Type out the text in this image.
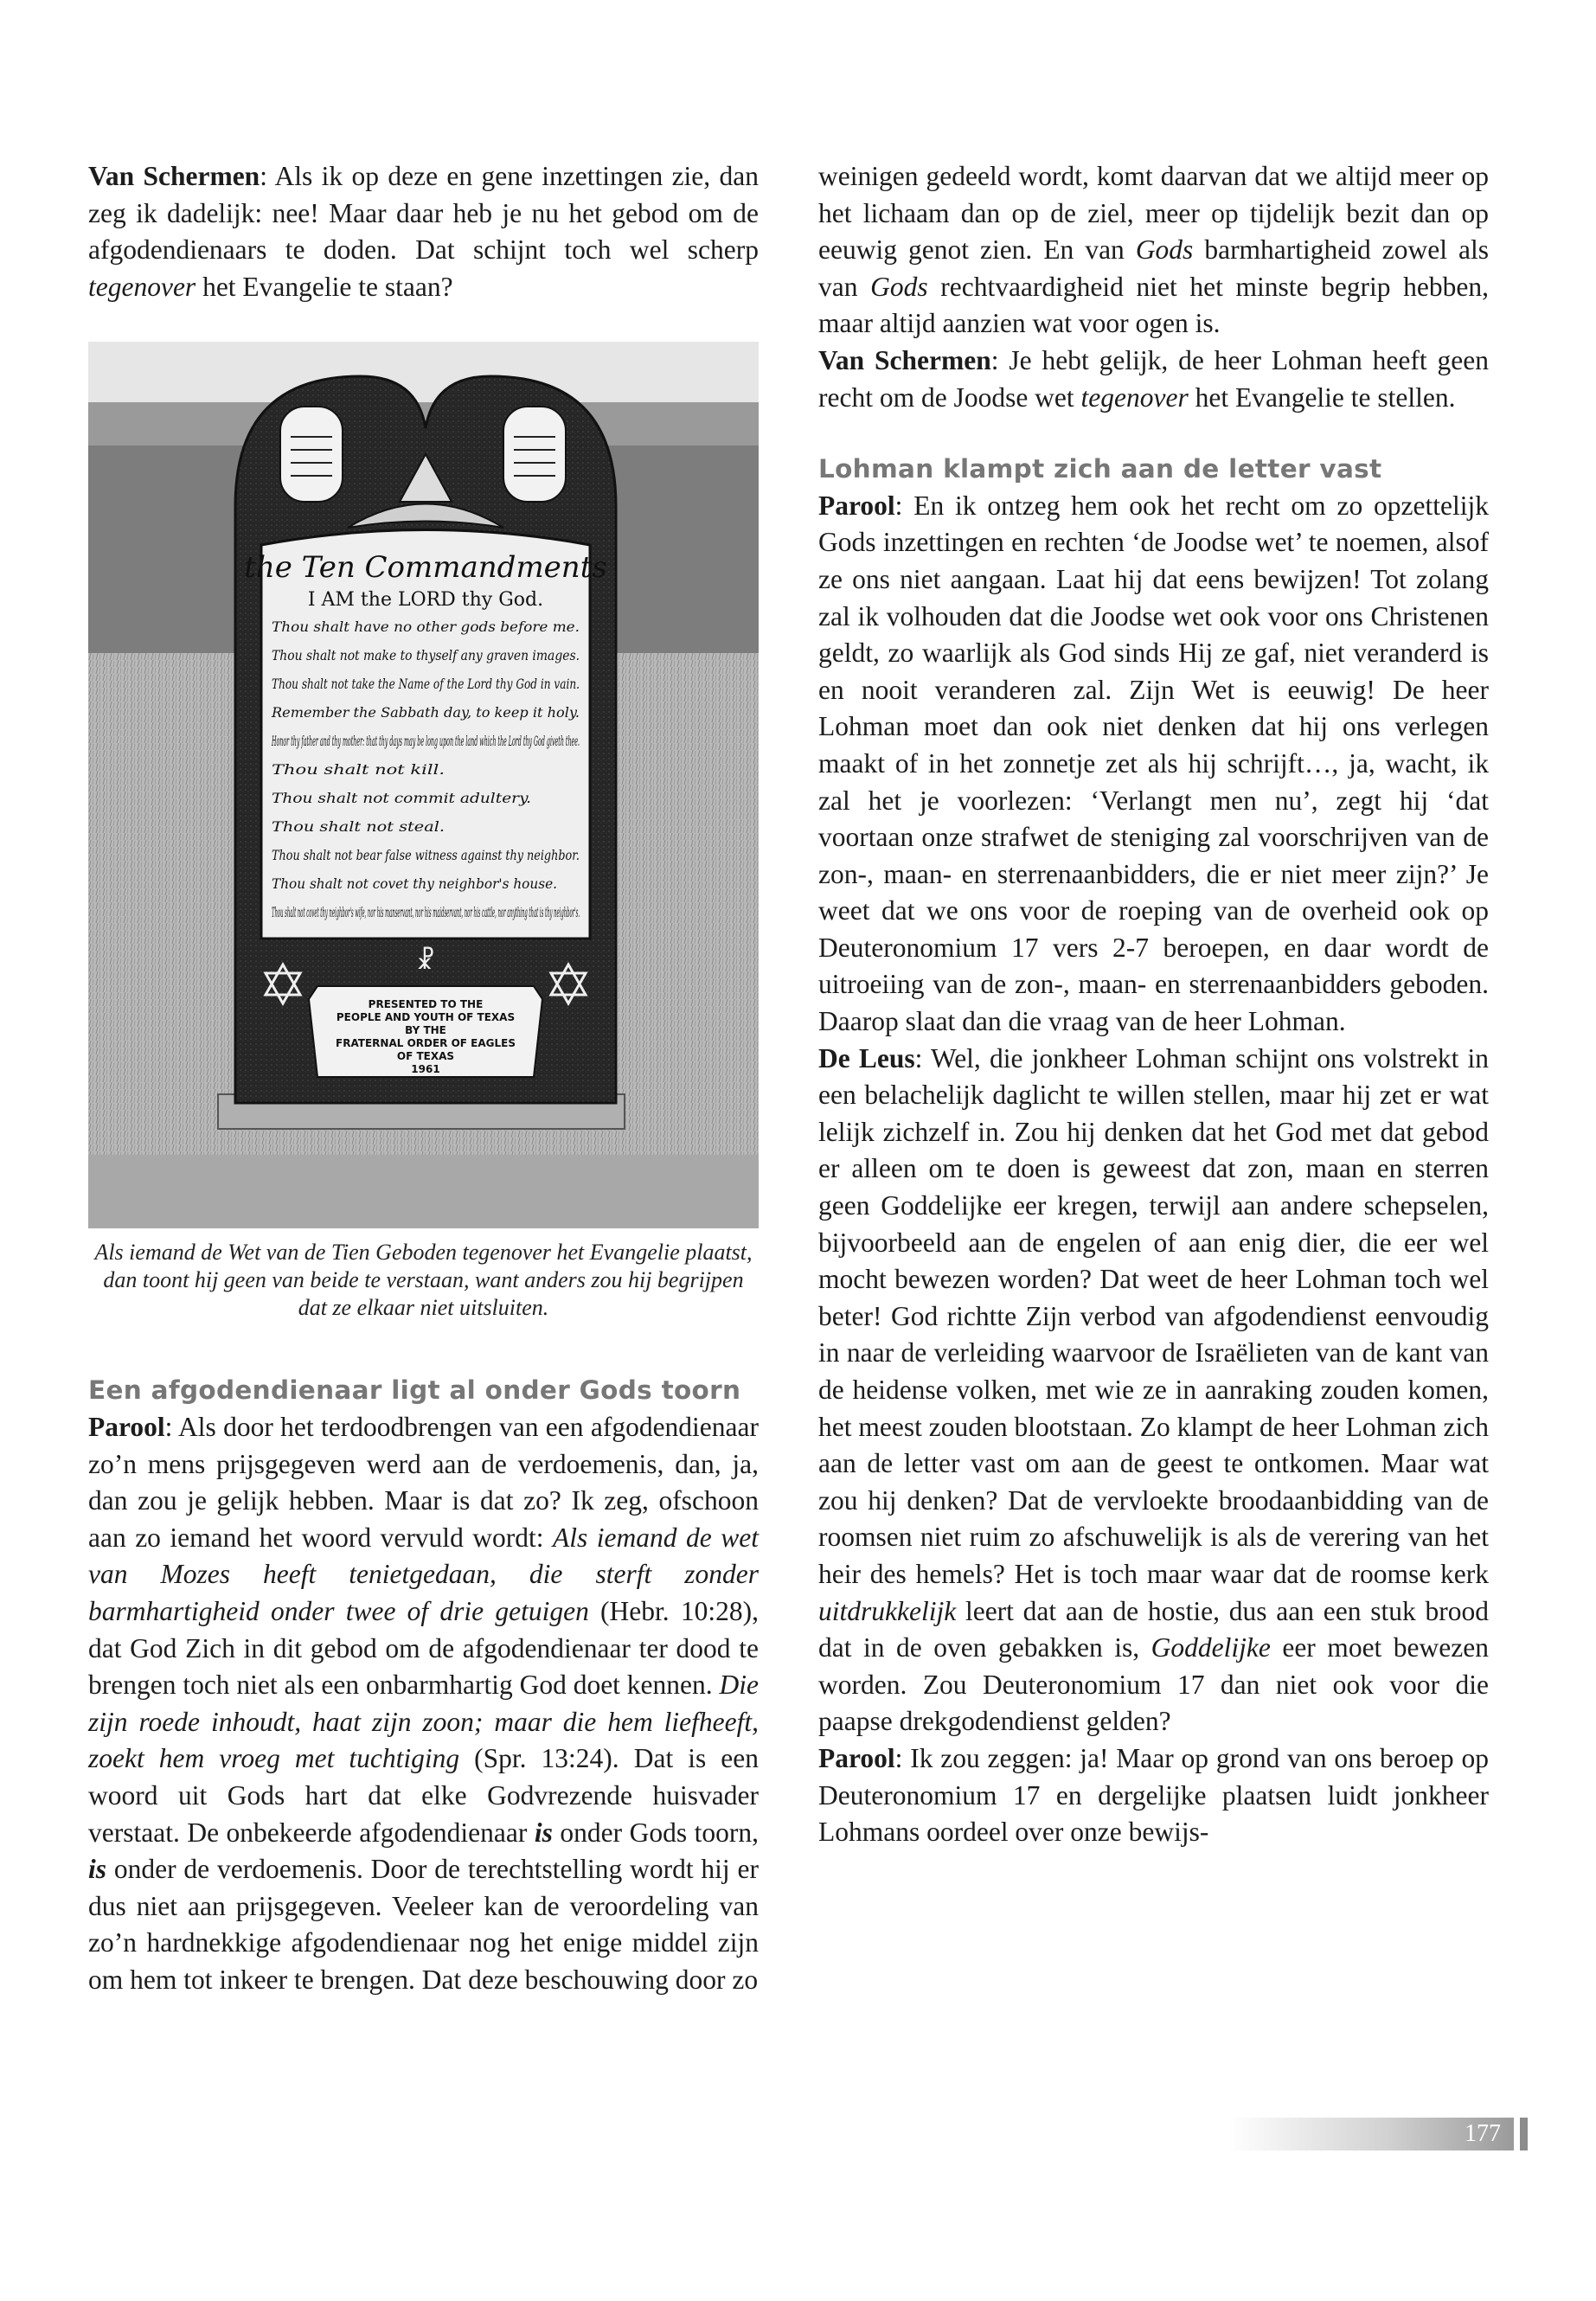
Van Schermen: Als ik op deze en gene inzettingen zie, dan zeg ik dadelijk: nee! Maar daar heb je nu het gebod om de afgodendienaars te doden. Dat schijnt toch wel scherp tegenover het Evangelie te staan?

☧
the Ten Commandments
I AM the LORD thy God.
Thou shalt have no other gods before me.
Thou shalt not make to thyself any graven images.
Thou shalt not take the Name of the Lord thy God in vain.
Remember the Sabbath day, to keep it holy.
Honor thy father and thy mother: that thy days may be long upon the land which the Lord thy God giveth thee.
Thou shalt not kill.
Thou shalt not commit adultery.
Thou shalt not steal.
Thou shalt not bear false witness against thy neighbor.
Thou shalt not covet thy neighbor's house.
Thou shalt not covet thy neighbor's wife, nor his manservant, nor his maidservant, nor his cattle, nor anything that is thy neighbor's.
PRESENTED TO THE
PEOPLE AND YOUTH OF TEXAS
BY THE
FRATERNAL ORDER OF EAGLES
OF TEXAS
1961

Als iemand de Wet van de Tien Geboden tegenover het Evangelie plaatst, dan toont hij geen van beide te verstaan, want anders zou hij begrijpen dat ze elkaar niet uitsluiten.

Een afgodendienaar ligt al onder Gods toorn

Parool: Als door het terdoodbrengen van een afgodendienaar zo’n mens prijsgegeven werd aan de verdoemenis, dan, ja, dan zou je gelijk hebben. Maar is dat zo? Ik zeg, ofschoon aan zo iemand het woord vervuld wordt: Als iemand de wet van Mozes heeft tenietgedaan, die sterft zonder barmhartigheid onder twee of drie getuigen (Hebr. 10:28), dat God Zich in dit gebod om de afgodendienaar ter dood te brengen toch niet als een onbarmhartig God doet kennen. Die zijn roede inhoudt, haat zijn zoon; maar die hem liefheeft, zoekt hem vroeg met tuchtiging (Spr. 13:24). Dat is een woord uit Gods hart dat elke Godvrezende huisvader verstaat. De onbekeerde afgodendienaar is onder Gods toorn, is onder de verdoemenis. Door de terechtstelling wordt hij er dus niet aan prijsgegeven. Veeleer kan de veroordeling van zo’n hardnekkige afgodendienaar nog het enige middel zijn om hem tot inkeer te brengen. Dat deze beschouwing door zo

weinigen gedeeld wordt, komt daarvan dat we altijd meer op het lichaam dan op de ziel, meer op tijdelijk bezit dan op eeuwig genot zien. En van Gods barmhartigheid zowel als van Gods rechtvaardigheid niet het minste begrip hebben, maar altijd aanzien wat voor ogen is.

Van Schermen: Je hebt gelijk, de heer Lohman heeft geen recht om de Joodse wet tegenover het Evangelie te stellen.

Lohman klampt zich aan de letter vast

Parool: En ik ontzeg hem ook het recht om zo opzettelijk Gods inzettingen en rechten ‘de Joodse wet’ te noemen, alsof ze ons niet aangaan. Laat hij dat eens bewijzen! Tot zolang zal ik volhouden dat die Joodse wet ook voor ons Christenen geldt, zo waarlijk als God sinds Hij ze gaf, niet veranderd is en nooit veranderen zal. Zijn Wet is eeuwig! De heer Lohman moet dan ook niet denken dat hij ons verlegen maakt of in het zonnetje zet als hij schrijft…, ja, wacht, ik zal het je voorlezen: ‘Verlangt men nu’, zegt hij ‘dat voortaan onze strafwet de steniging zal voorschrijven van de zon-, maan- en sterrenaanbidders, die er niet meer zijn?’ Je weet dat we ons voor de roeping van de overheid ook op Deuteronomium 17 vers 2-7 beroepen, en daar wordt de uitroeiing van de zon-, maan- en sterrenaanbidders geboden. Daarop slaat dan die vraag van de heer Lohman.

De Leus: Wel, die jonkheer Lohman schijnt ons volstrekt in een belachelijk daglicht te willen stellen, maar hij zet er wat lelijk zichzelf in. Zou hij denken dat het God met dat gebod er alleen om te doen is geweest dat zon, maan en sterren geen Goddelijke eer kregen, terwijl aan andere schepselen, bijvoorbeeld aan de engelen of aan enig dier, die eer wel mocht bewezen worden? Dat weet de heer Lohman toch wel beter! God richtte Zijn verbod van afgodendienst eenvoudig in naar de verleiding waarvoor de Israëlieten van de kant van de heidense volken, met wie ze in aanraking zouden komen, het meest zouden blootstaan. Zo klampt de heer Lohman zich aan de letter vast om aan de geest te ontkomen. Maar wat zou hij denken? Dat de vervloekte broodaanbidding van de roomsen niet ruim zo afschuwelijk is als de verering van het heir des hemels? Het is toch maar waar dat de roomse kerk uitdrukkelijk leert dat aan de hostie, dus aan een stuk brood dat in de oven gebakken is, Goddelijke eer moet bewezen worden. Zou Deuteronomium 17 dan niet ook voor die paapse drekgodendienst gelden?

Parool: Ik zou zeggen: ja! Maar op grond van ons beroep op Deuteronomium 17 en dergelijke plaatsen luidt jonkheer Lohmans oordeel over onze bewijs-

177
